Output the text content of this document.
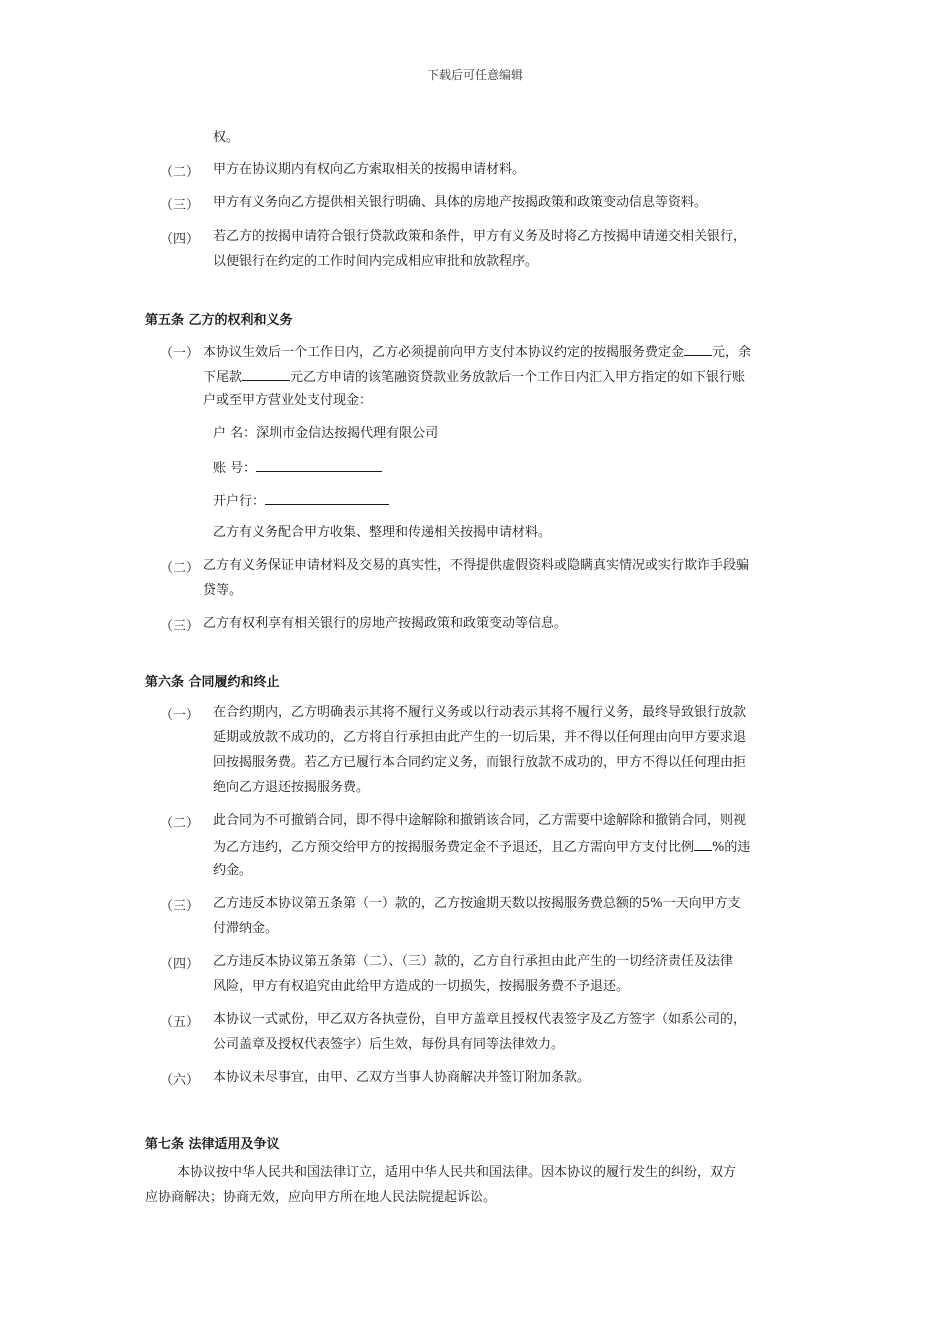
下载后可任意编辑
权。
（二） 甲方在协议期内有权向乙方索取相关的按揭申请材料。
（三） 甲方有义务向乙方提供相关银行明确、具体的房地产按揭政策和政策变动信息等资料。
（四） 若乙方的按揭申请符合银行贷款政策和条件，甲方有义务及时将乙方按揭申请递交相关银行，
以便银行在约定的工作时间内完成相应审批和放款程序。
第五条 乙方的权利和义务
（一） 本协议生效后一个工作日内，乙方必须提前向甲方支付本协议约定的按揭服务费定金 元，余
下尾款	元乙方申请的该笔融资贷款业务放款后一个工作日内汇入甲方指定的如下银行账
户或至甲方营业处支付现金：
户 名：深圳市金信达按揭代理有限公司
账 号：
开户行：
乙方有义务配合甲方收集、整理和传递相关按揭申请材料。
（二） 乙方有义务保证申请材料及交易的真实性，不得提供虚假资料或隐瞒真实情况或实行欺诈手段骗
贷等。
（三） 乙方有权利享有相关银行的房地产按揭政策和政策变动等信息。
第六条 合同履约和终止
（一） 在合约期内，乙方明确表示其将不履行义务或以行动表示其将不履行义务，最终导致银行放款
延期或放款不成功的，乙方将自行承担由此产生的一切后果，并不得以任何理由向甲方要求退
回按揭服务费。若乙方已履行本合同约定义务，而银行放款不成功的，甲方不得以任何理由拒
绝向乙方退还按揭服务费。
（二） 此合同为不可撤销合同，即不得中途解除和撤销该合同，乙方需要中途解除和撤销合同，则视
为乙方违约，乙方预交给甲方的按揭服务费定金不予退还，且乙方需向甲方支付比例 %的违
约金。
（三） 乙方违反本协议第五条第（一）款的，乙方按逾期天数以按揭服务费总额的5%一天向甲方支
付滞纳金。
（四） 乙方违反本协议第五条第（二）、（三）款的，乙方自行承担由此产生的一切经济责任及法律
风险，甲方有权追究由此给甲方造成的一切损失，按揭服务费不予退还。
（五） 本协议一式贰份，甲乙双方各执壹份，自甲方盖章且授权代表签字及乙方签字（如系公司的，
公司盖章及授权代表签字）后生效，每份具有同等法律效力。
（六） 本协议未尽事宜，由甲、乙双方当事人协商解决并签订附加条款。
第七条 法律适用及争议
本协议按中华人民共和国法律订立，适用中华人民共和国法律。因本协议的履行发生的纠纷，双方
应协商解决；协商无效，应向甲方所在地人民法院提起诉讼。
